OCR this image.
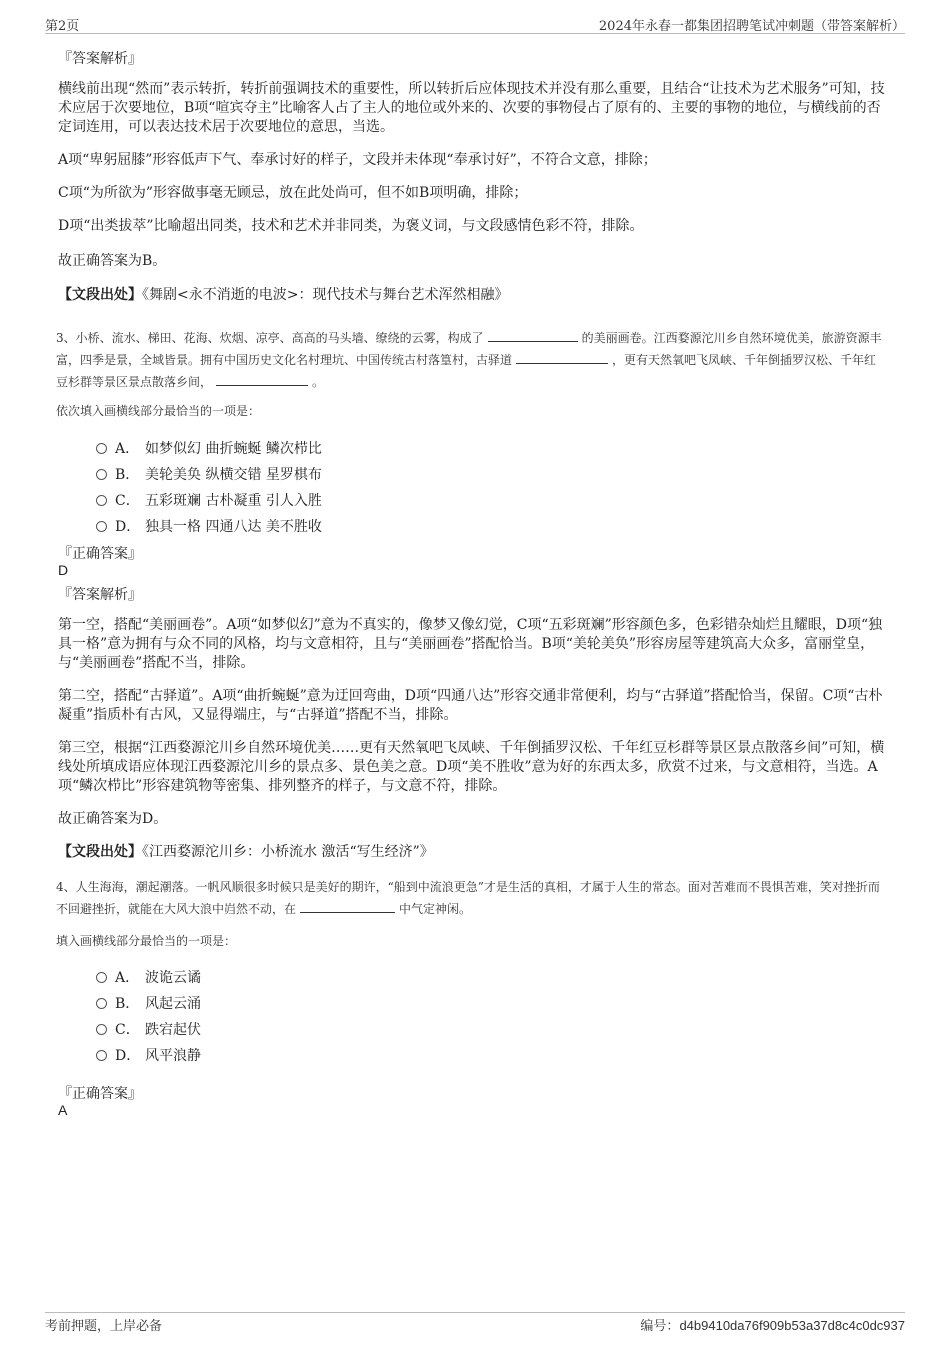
第2页	2024年永春一都集团招聘笔试冲刺题（带答案解析）
『答案解析』

横线前出现“然而”表示转折，转折前强调技术的重要性，所以转折后应体现技术并没有那么重要，且结合“让技术为艺术服务”可知，技术应居于次要地位，B项“喧宾夺主”比喻客人占了主人的地位或外来的、次要的事物侵占了原有的、主要的事物的地位，与横线前的否定词连用，可以表达技术居于次要地位的意思，当选。

A项“卑躬屈膝”形容低声下气、奉承讨好的样子，文段并未体现“奉承讨好”，不符合文意，排除；

C项“为所欲为”形容做事毫无顾忌，放在此处尚可，但不如B项明确，排除；

D项“出类拔萃”比喻超出同类，技术和艺术并非同类，为褒义词，与文段感情色彩不符，排除。

故正确答案为B。

【文段出处】《舞剧<永不消逝的电波>：现代技术与舞台艺术浑然相融》

3、小桥、流水、梯田、花海、炊烟、凉亭、高高的马头墙、缭绕的云雾，构成了	的美丽画卷。江西婺源沱川乡自然环境优美，旅游资源丰富，四季是景，全域皆景。拥有中国历史文化名村理坑、中国传统古村落篁村，古驿道	，更有天然氧吧飞凤峡、千年倒插罗汉松、千年红豆杉群等景区景点散落乡间，	。

依次填入画横线部分最恰当的一项是：
A． 如梦似幻 曲折蜿蜒 鳞次栉比
B． 美轮美奂 纵横交错 星罗棋布
C． 五彩斑斓 古朴凝重 引人入胜
D． 独具一格 四通八达 美不胜收
『正确答案』
D
『答案解析』

第一空，搭配“美丽画卷”。A项“如梦似幻”意为不真实的，像梦又像幻觉，C项“五彩斑斓”形容颜色多，色彩错杂灿烂且耀眼，D项“独具一格”意为拥有与众不同的风格，均与文意相符，且与“美丽画卷”搭配恰当。B项“美轮美奂”形容房屋等建筑高大众多，富丽堂皇，与“美丽画卷”搭配不当，排除。

第二空，搭配“古驿道”。A项“曲折蜿蜒”意为迂回弯曲，D项“四通八达”形容交通非常便利，均与“古驿道”搭配恰当，保留。C项“古朴凝重”指质朴有古风，又显得端庄，与“古驿道”搭配不当，排除。

第三空，根据“江西婺源沱川乡自然环境优美……更有天然氧吧飞凤峡、千年倒插罗汉松、千年红豆杉群等景区景点散落乡间”可知，横线处所填成语应体现江西婺源沱川乡的景点多、景色美之意。D项“美不胜收”意为好的东西太多，欣赏不过来，与文意相符，当选。A项“鳞次栉比”形容建筑物等密集、排列整齐的样子，与文意不符，排除。

故正确答案为D。

【文段出处】《江西婺源沱川乡：小桥流水 激活“写生经济”》

4、人生海海，潮起潮落。一帆风顺很多时候只是美好的期许，“船到中流浪更急”才是生活的真相，才属于人生的常态。面对苦难而不畏惧苦难，笑对挫折而不回避挫折，就能在大风大浪中岿然不动，在	中气定神闲。

填入画横线部分最恰当的一项是：
A． 波诡云谲
B． 风起云涌
C． 跌宕起伏
D． 风平浪静
『正确答案』
A
考前押题，上岸必备	编号：d4b9410da76f909b53a37d8c4c0dc937
